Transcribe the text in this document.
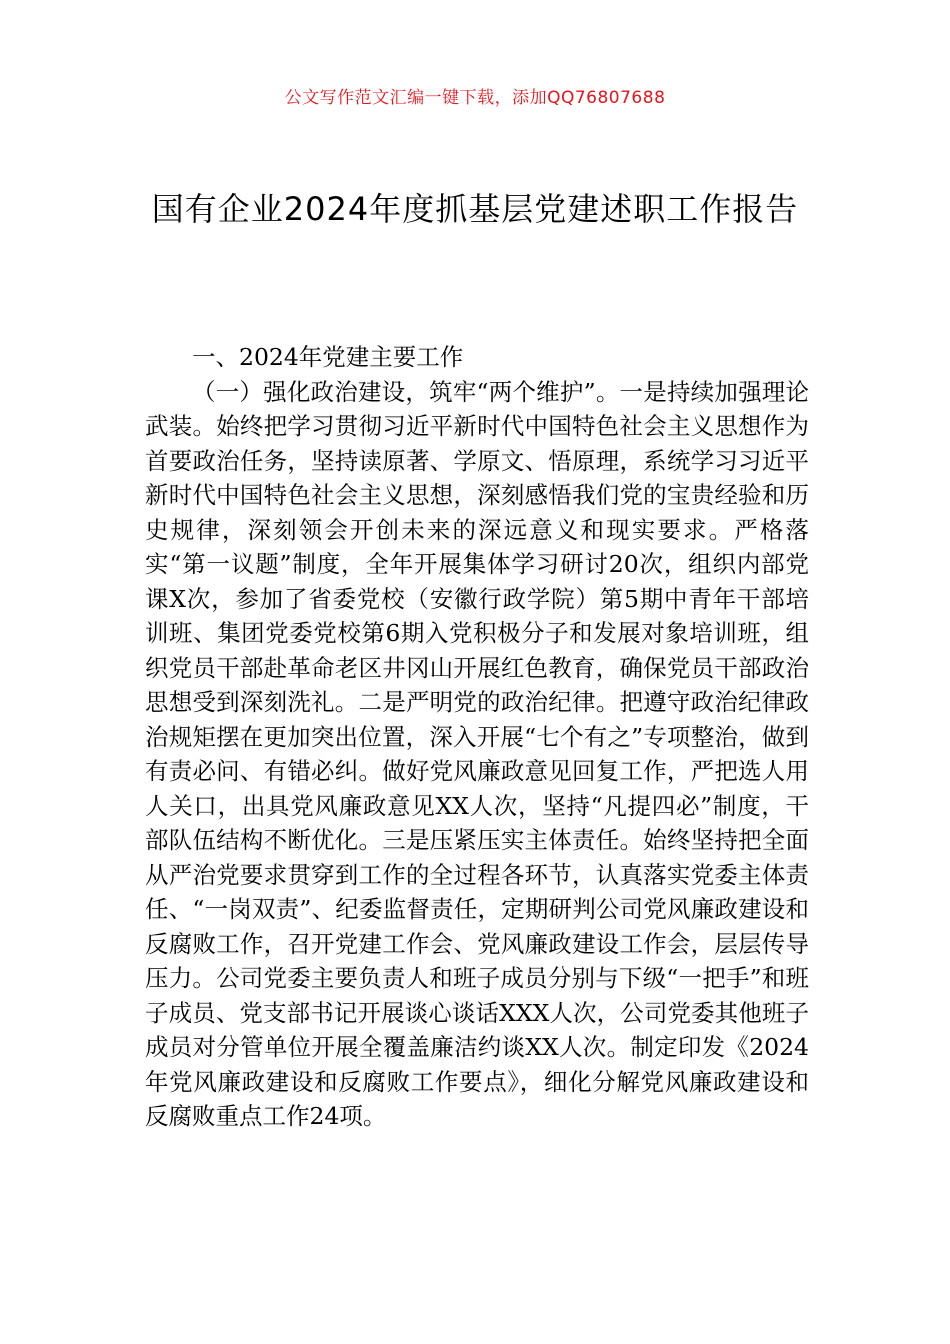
公文写作范文汇编一键下载，添加QQ76807688
国有企业2024年度抓基层党建述职工作报告

一、2024年党建主要工作

（一）强化政治建设，筑牢“两个维护”。一是持续加强理论武装。始终把学习贯彻习近平新时代中国特色社会主义思想作为首要政治任务，坚持读原著、学原文、悟原理，系统学习习近平新时代中国特色社会主义思想，深刻感悟我们党的宝贵经验和历史规律，深刻领会开创未来的深远意义和现实要求。严格落实“第一议题”制度，全年开展集体学习研讨20次，组织内部党课X次，参加了省委党校（安徽行政学院）第5期中青年干部培训班、集团党委党校第6期入党积极分子和发展对象培训班，组织党员干部赴革命老区井冈山开展红色教育，确保党员干部政治思想受到深刻洗礼。二是严明党的政治纪律。把遵守政治纪律政治规矩摆在更加突出位置，深入开展“七个有之”专项整治，做到有责必问、有错必纠。做好党风廉政意见回复工作，严把选人用人关口，出具党风廉政意见XX人次，坚持“凡提四必”制度，干部队伍结构不断优化。三是压紧压实主体责任。始终坚持把全面从严治党要求贯穿到工作的全过程各环节，认真落实党委主体责任、“一岗双责”、纪委监督责任，定期研判公司党风廉政建设和反腐败工作，召开党建工作会、党风廉政建设工作会，层层传导压力。公司党委主要负责人和班子成员分别与下级“一把手”和班子成员、党支部书记开展谈心谈话XXX人次，公司党委其他班子成员对分管单位开展全覆盖廉洁约谈XX人次。制定印发《2024年党风廉政建设和反腐败工作要点》，细化分解党风廉政建设和反腐败重点工作24项。
